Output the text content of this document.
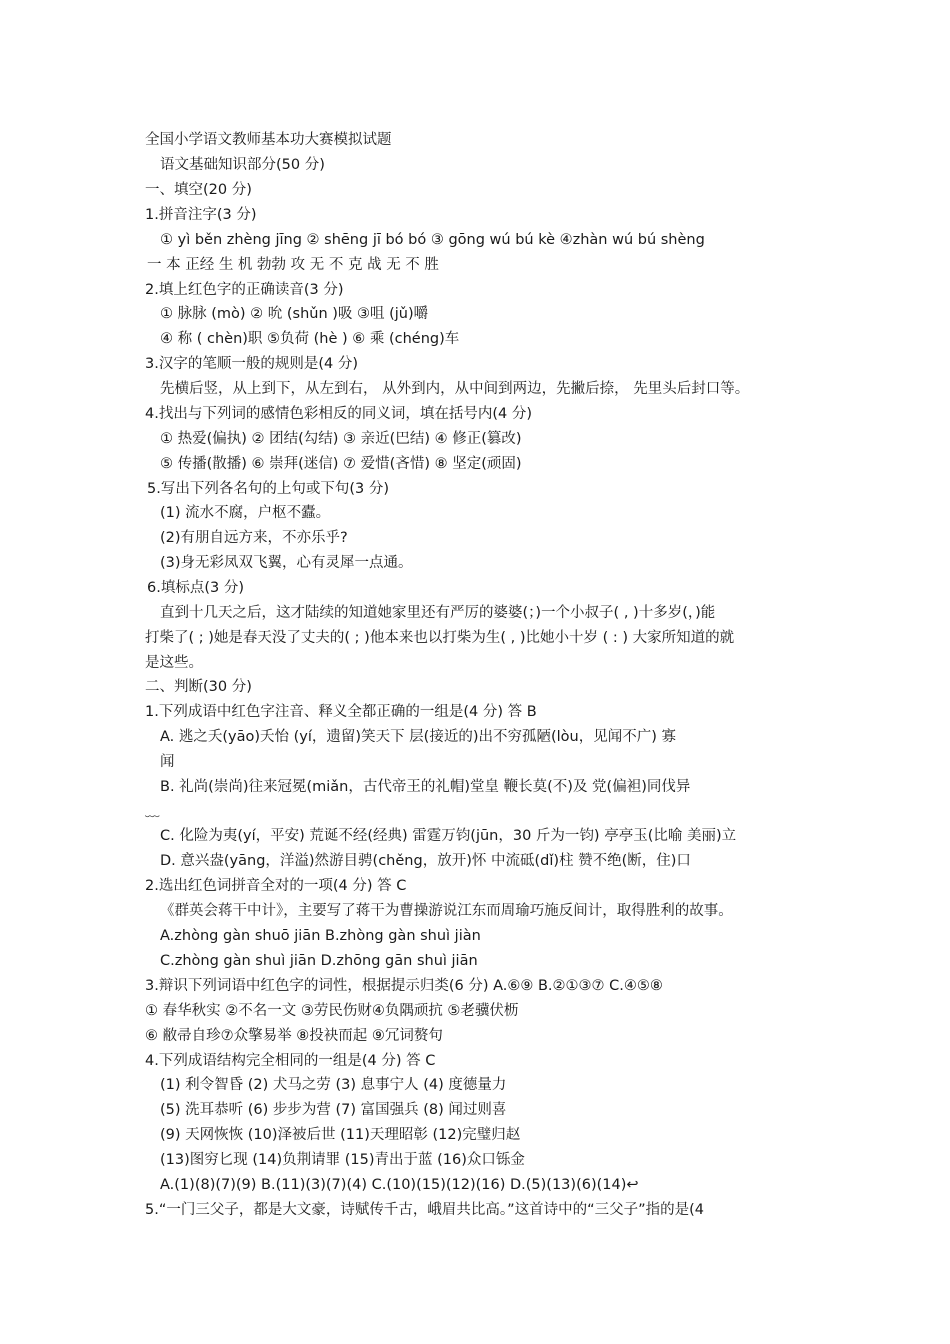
全国小学语文教师基本功大赛模拟试题
语文基础知识部分(50 分)
一、填空(20 分)
1.拼音注字(3 分)
① yì běn zhèng jīng ② shēng jī bó bó ③ gōng wú bú kè ④zhàn wú bú shèng
一 本 正经 生 机 勃勃 攻 无 不 克 战 无 不 胜
2.填上红色字的正确读音(3 分)
① 脉脉 (mò) ② 吮 (shǔn )吸 ③咀 (jǔ)嚼
④ 称 ( chèn)职 ⑤负荷 (hè ) ⑥ 乘 (chéng)车
3.汉字的笔顺一般的规则是(4 分)
先横后竖，从上到下，从左到右， 从外到内，从中间到两边，先撇后捺， 先里头后封口等。
4.找出与下列词的感情色彩相反的同义词，填在括号内(4 分)
① 热爱(偏执) ② 团结(勾结) ③ 亲近(巴结) ④ 修正(篡改)
⑤ 传播(散播) ⑥ 崇拜(迷信) ⑦ 爱惜(吝惜) ⑧ 坚定(顽固)
5.写出下列各名句的上句或下句(3 分)
(1) 流水不腐，户枢不蠹。
(2)有朋自远方来，不亦乐乎?
(3)身无彩凤双飞翼，心有灵犀一点通。
6.填标点(3 分)
直到十几天之后，这才陆续的知道她家里还有严厉的婆婆(；)一个小叔子( , )十多岁(，)能
打柴了( ; )她是春天没了丈夫的( ; )他本来也以打柴为生( , )比她小十岁 ( : ) 大家所知道的就
是这些。
二、判断(30 分)
1.下列成语中红色字注音、释义全都正确的一组是(4 分) 答 B
A. 逃之夭(yāo)夭怡 (yí，遗留)笑天下 层(接近的)出不穷孤陋(lòu，见闻不广) 寡
闻
B. 礼尚(崇尚)往来冠冕(miǎn，古代帝王的礼帽)堂皇 鞭长莫(不)及 党(偏袒)同伐异
﹏
C. 化险为夷(yí，平安) 荒诞不经(经典) 雷霆万钧(jūn，30 斤为一钧) 亭亭玉(比喻 美丽)立
D. 意兴盎(yāng，洋溢)然游目骋(chěng，放开)怀 中流砥(dǐ)柱 赞不绝(断，住)口
2.选出红色词拼音全对的一项(4 分) 答 C
《群英会蒋干中计》，主要写了蒋干为曹操游说江东而周瑜巧施反间计，取得胜利的故事。
A.zhòng gàn shuō jiān B.zhòng gàn shuì jiàn
C.zhòng gàn shuì jiān D.zhōng gān shuì jiān
3.辩识下列词语中红色字的词性，根据提示归类(6 分) A.⑥⑨ B.②①③⑦ C.④⑤⑧
① 春华秋实 ②不名一文 ③劳民伤财④负隅顽抗 ⑤老骥伏枥
⑥ 敝帚自珍⑦众擎易举 ⑧投袂而起 ⑨冗词赘句
4.下列成语结构完全相同的一组是(4 分) 答 C
(1) 利令智昏 (2) 犬马之劳 (3) 息事宁人 (4) 度德量力
(5) 洗耳恭听 (6) 步步为营 (7) 富国强兵 (8) 闻过则喜
(9) 天网恢恢 (10)泽被后世 (11)天理昭彰 (12)完璧归赵
(13)图穷匕现 (14)负荆请罪 (15)青出于蓝 (16)众口铄金
A.(1)(8)(7)(9) B.(11)(3)(7)(4) C.(10)(15)(12)(16) D.(5)(13)(6)(14)↩
5.“一门三父子，都是大文豪，诗赋传千古，峨眉共比高。”这首诗中的“三父子”指的是(4
